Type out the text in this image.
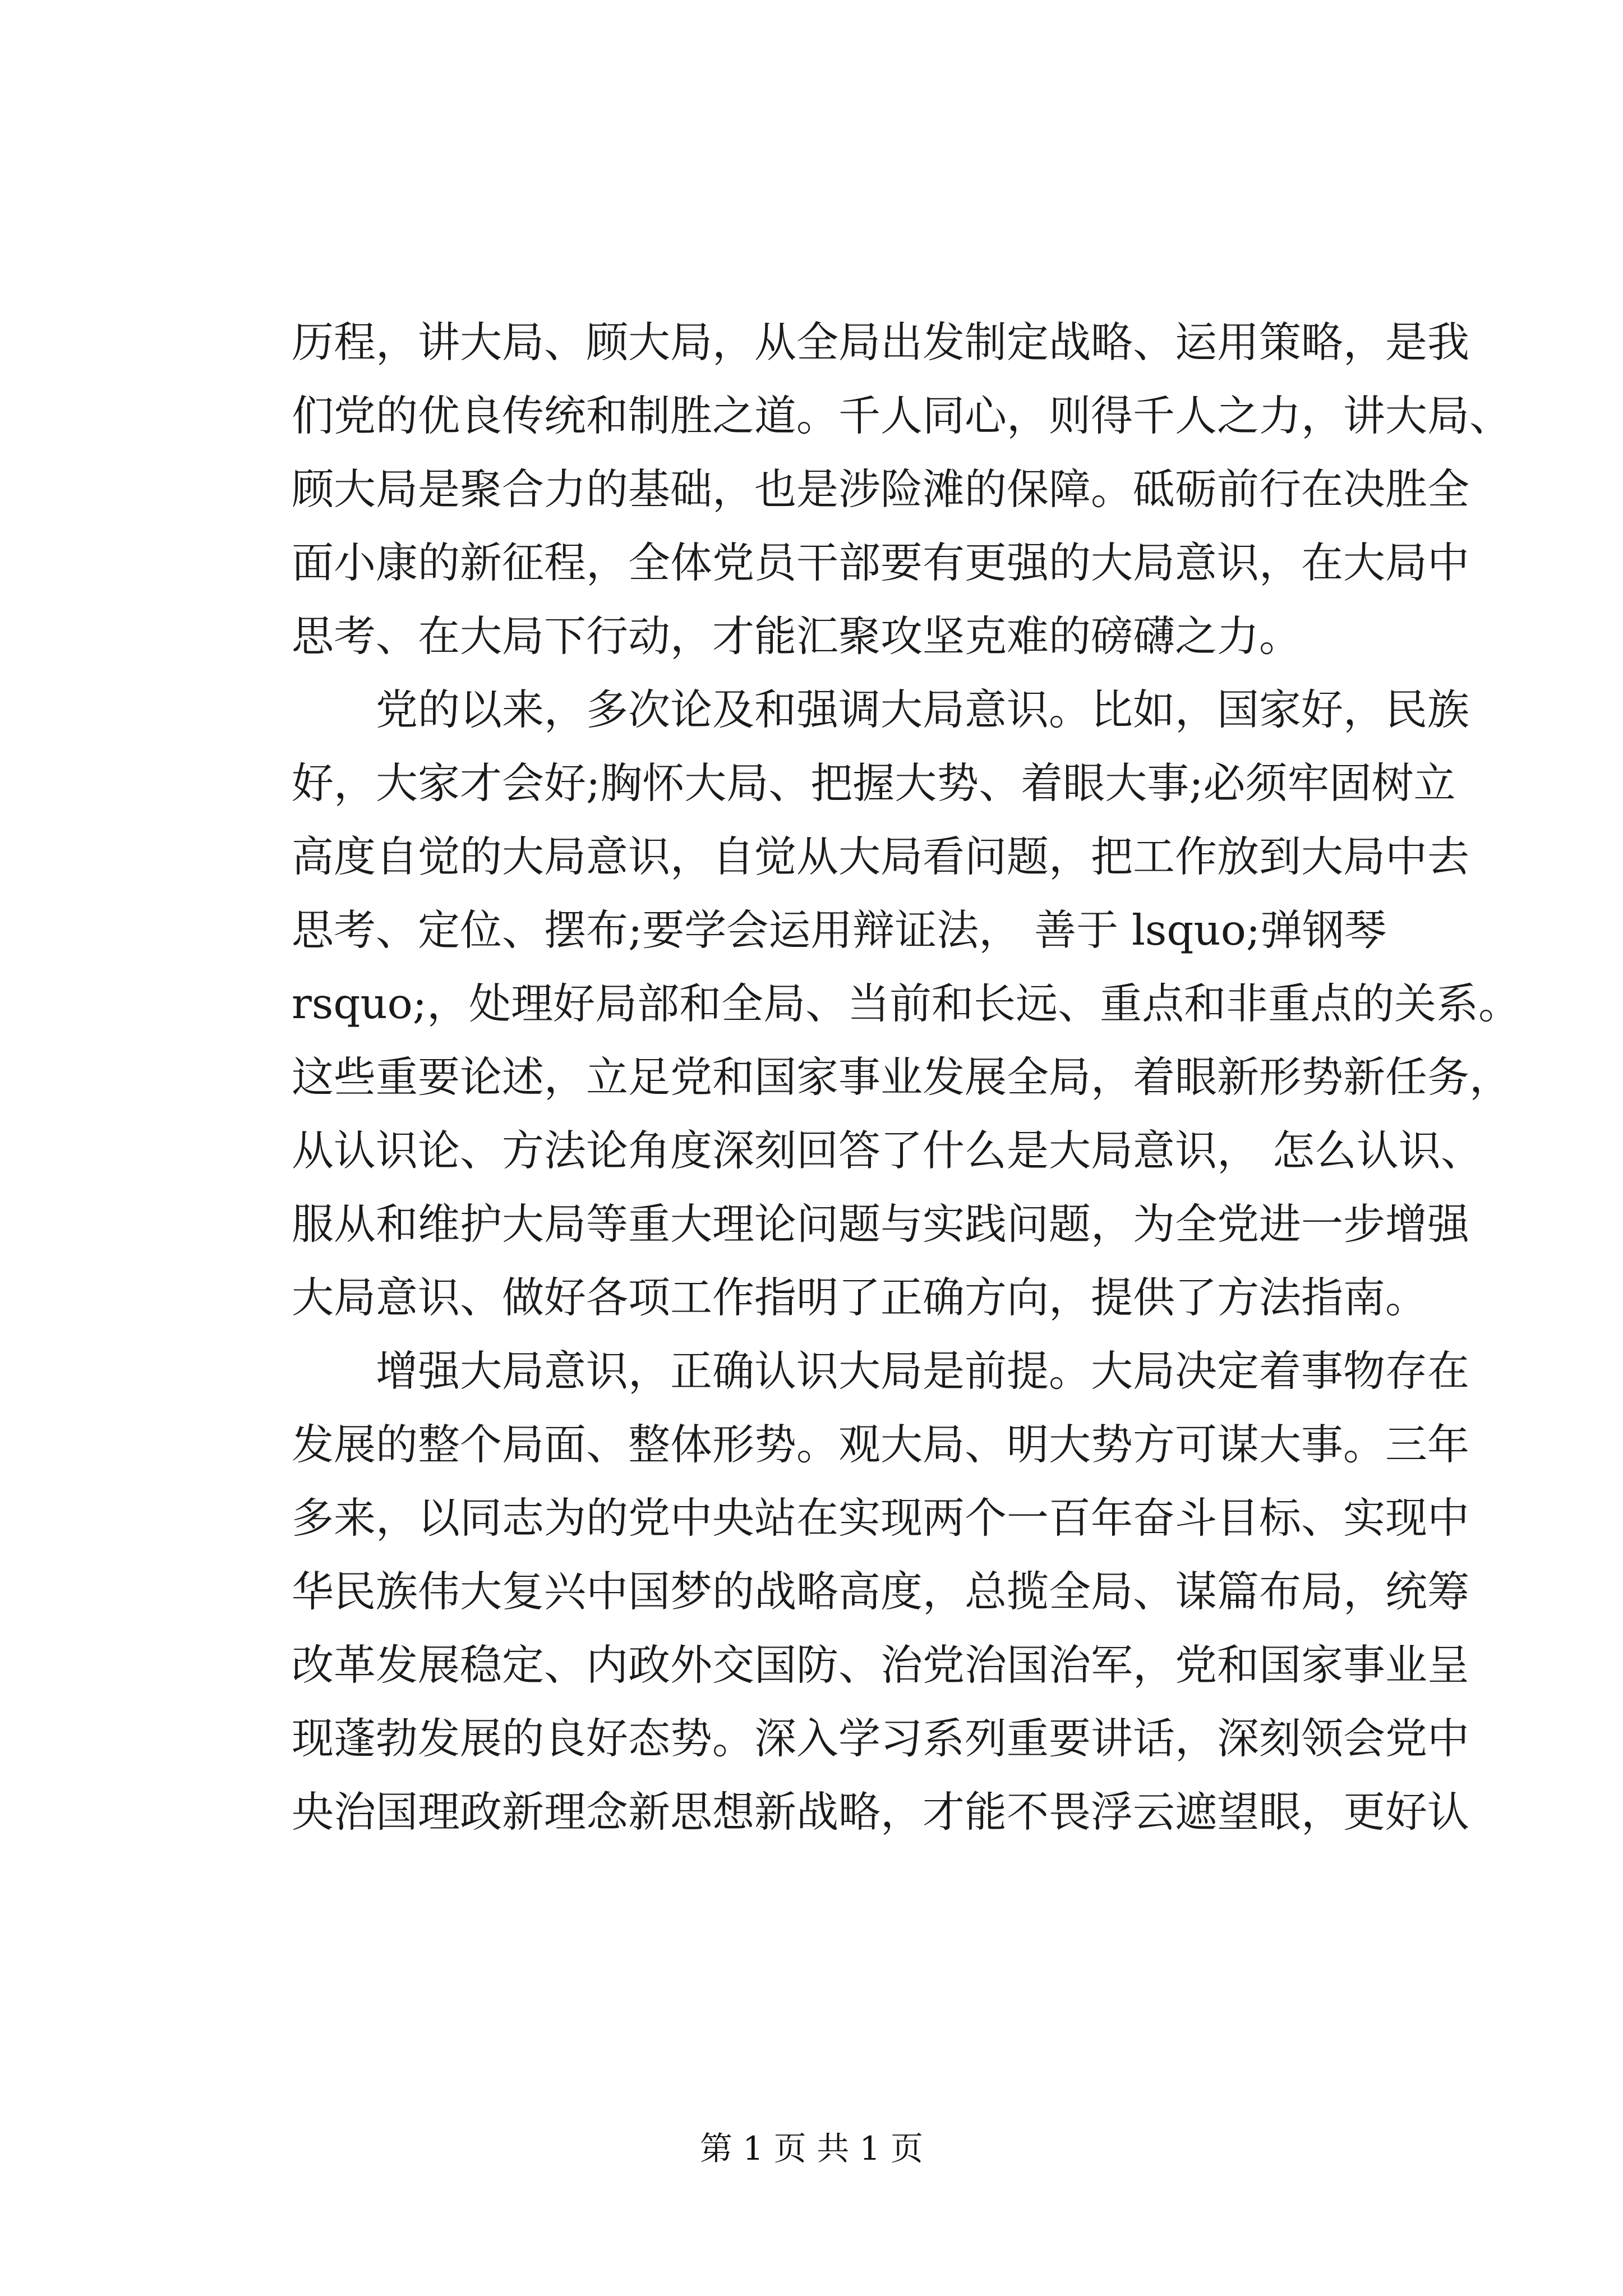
历程，讲大局、顾大局，从全局出发制定战略、运用策略，是我
们党的优良传统和制胜之道。千人同心，则得千人之力，讲大局、
顾大局是聚合力的基础，也是涉险滩的保障。砥砺前行在决胜全
面小康的新征程，全体党员干部要有更强的大局意识，在大局中
思考、在大局下行动，才能汇聚攻坚克难的磅礴之力。
　　党的以来，多次论及和强调大局意识。比如，国家好，民族
好，大家才会好;胸怀大局、把握大势、着眼大事;必须牢固树立
高度自觉的大局意识，自觉从大局看问题，把工作放到大局中去
思考、定位、摆布;要学会运用辩证法， 善于 lsquo;弹钢琴
rsquo;，处理好局部和全局、当前和长远、重点和非重点的关系。
这些重要论述，立足党和国家事业发展全局，着眼新形势新任务，
从认识论、方法论角度深刻回答了什么是大局意识， 怎么认识、
服从和维护大局等重大理论问题与实践问题，为全党进一步增强
大局意识、做好各项工作指明了正确方向，提供了方法指南。
　　增强大局意识，正确认识大局是前提。大局决定着事物存在
发展的整个局面、整体形势。观大局、明大势方可谋大事。三年
多来，以同志为的党中央站在实现两个一百年奋斗目标、实现中
华民族伟大复兴中国梦的战略高度，总揽全局、谋篇布局，统筹
改革发展稳定、内政外交国防、治党治国治军，党和国家事业呈
现蓬勃发展的良好态势。深入学习系列重要讲话，深刻领会党中
央治国理政新理念新思想新战略，才能不畏浮云遮望眼，更好认
第 1 页 共 1 页
